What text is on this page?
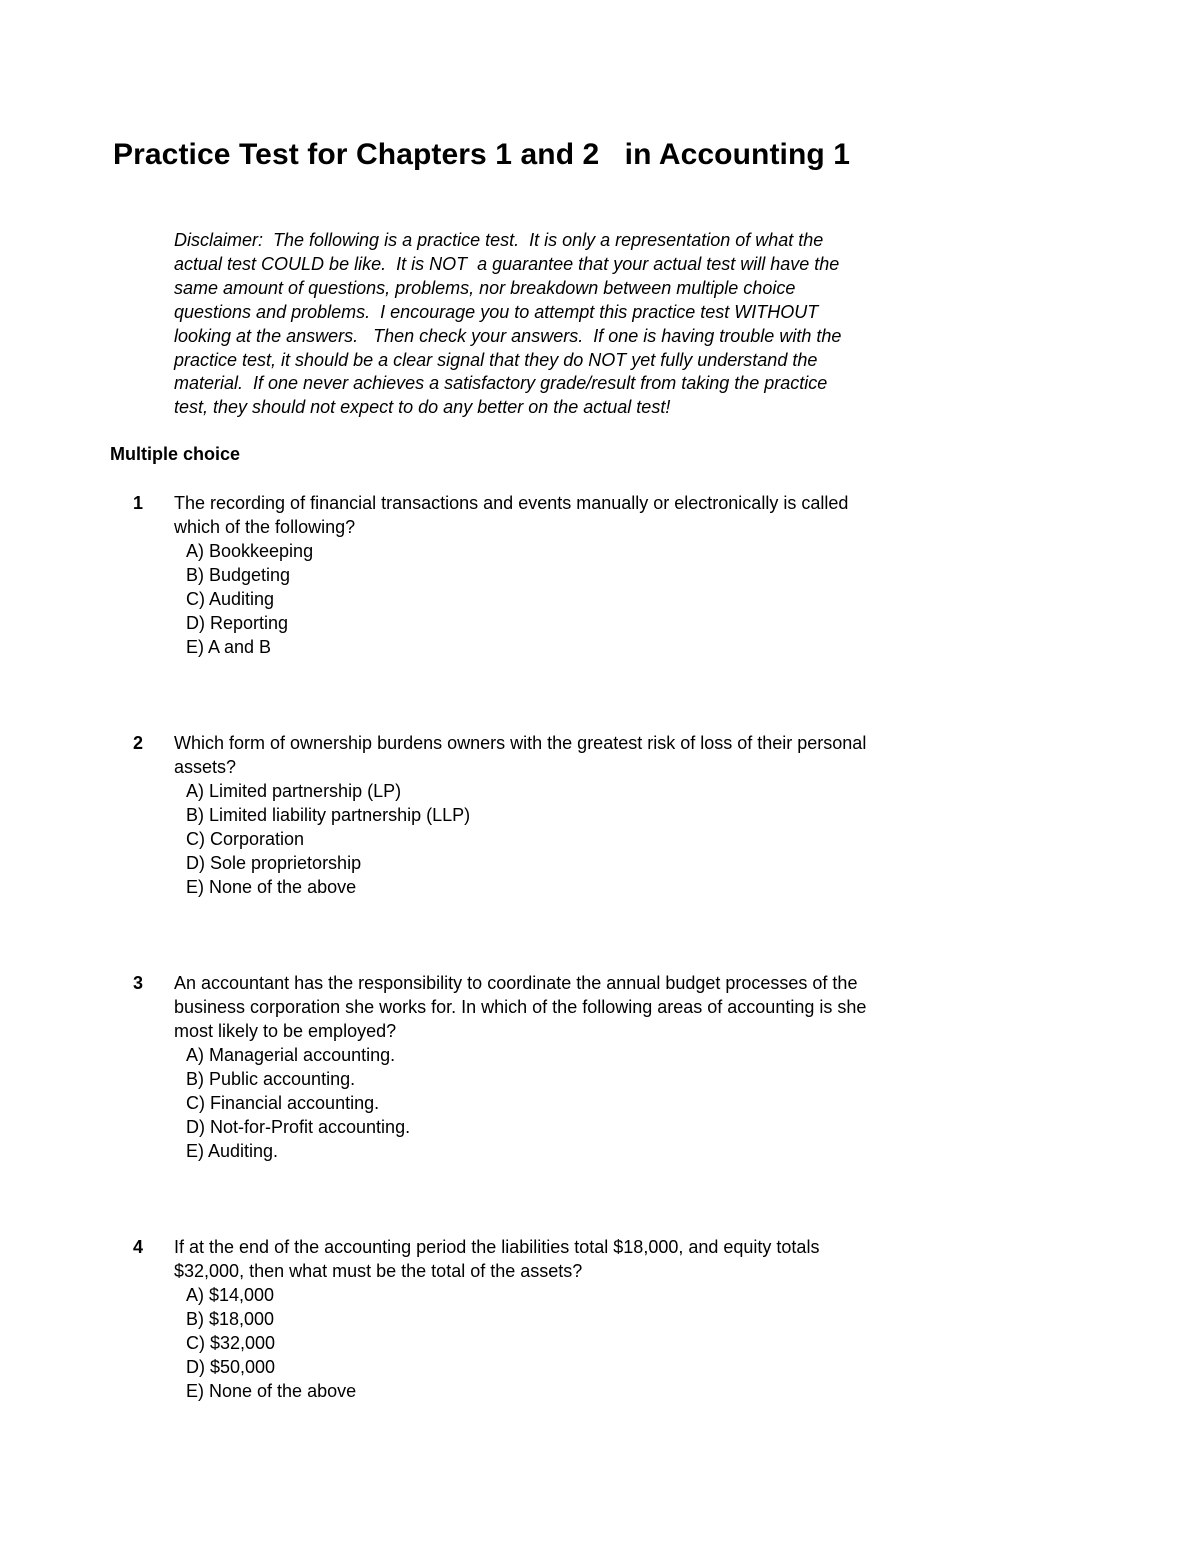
Practice Test for Chapters 1 and 2   in Accounting 1
Disclaimer:  The following is a practice test.  It is only a representation of what the
actual test COULD be like.  It is NOT  a guarantee that your actual test will have the
same amount of questions, problems, nor breakdown between multiple choice
questions and problems.  I encourage you to attempt this practice test WITHOUT
looking at the answers.   Then check your answers.  If one is having trouble with the
practice test, it should be a clear signal that they do NOT yet fully understand the
material.  If one never achieves a satisfactory grade/result from taking the practice
test, they should not expect to do any better on the actual test!
Multiple choice
1 The recording of financial transactions and events manually or electronically is called
which of the following?
A) Bookkeeping
B) Budgeting
C) Auditing
D) Reporting
E) A and B
2 Which form of ownership burdens owners with the greatest risk of loss of their personal
assets?
A) Limited partnership (LP)
B) Limited liability partnership (LLP)
C) Corporation
D) Sole proprietorship
E) None of the above
3 An accountant has the responsibility to coordinate the annual budget processes of the
business corporation she works for. In which of the following areas of accounting is she
most likely to be employed?
A) Managerial accounting.
B) Public accounting.
C) Financial accounting.
D) Not-for-Profit accounting.
E) Auditing.
4 If at the end of the accounting period the liabilities total $18,000, and equity totals
$32,000, then what must be the total of the assets?
A) $14,000
B) $18,000
C) $32,000
D) $50,000
E) None of the above
